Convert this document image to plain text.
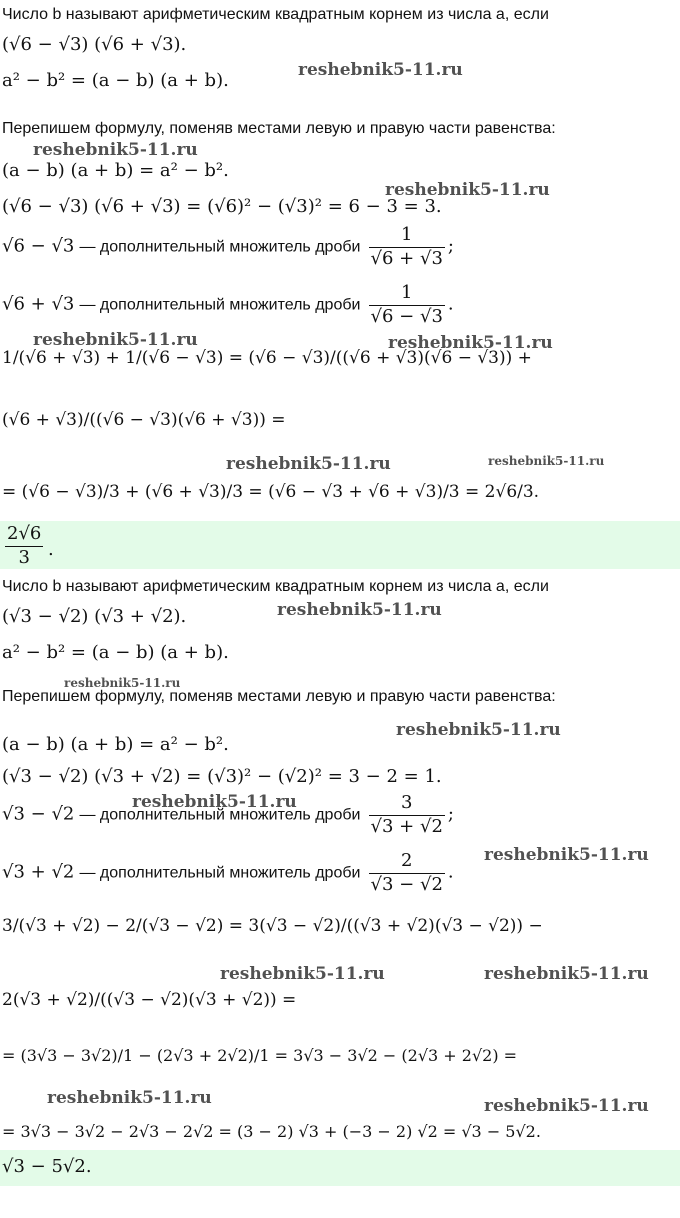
Число b называют арифметическим квадратным корнем из числа a, если
(√6 − √3) (√6 + √3).
a² − b² = (a − b) (a + b).	reshebnik5-11.ru
Перепишем формулу, поменяв местами левую и правую части равенства:
reshebnik5-11.ru
(a − b) (a + b) = a² − b².
(√6 − √3) (√6 + √3) = (√6)² − (√3)² = 6 − 3 = 3.
reshebnik5-11.ru
√6 − √3 — дополнительный множитель дроби $\frac{1}{√6 + √3}$ ;
√6 + √3 — дополнительный множитель дроби $\frac{1}{√6 - √3}$ .
1/(√6 + √3) + 1/(√6 − √3) = (√6 − √3)/((√6 + √3)(√6 − √3)) +
reshebnik5-11.ru	reshebnik5-11.ru
(√6 + √3)/((√6 − √3)(√6 + √3)) =
reshebnik5-11.ru	reshebnik5-11.ru
= (√6 − √3)/3 + (√6 + √3)/3 = (√6 − √3 + √6 + √3)/3 = 2√6/3.
$\frac{2√6}{3}$ .
Число b называют арифметическим квадратным корнем из числа a, если
(√3 − √2) (√3 + √2).	reshebnik5-11.ru
a² − b² = (a − b) (a + b).
reshebnik5-11.ru
Перепишем формулу, поменяв местами левую и правую части равенства:
reshebnik5-11.ru
(a − b) (a + b) = a² − b².
(√3 − √2) (√3 + √2) = (√3)² − (√2)² = 3 − 2 = 1.
reshebnik5-11.ru
√3 − √2 — дополнительный множитель дроби $\frac{3}{√3 + √2}$ ;
reshebnik5-11.ru
√3 + √2 — дополнительный множитель дроби $\frac{2}{√3 - √2}$ .
3/(√3 + √2) − 2/(√3 − √2) = 3(√3 − √2)/((√3 + √2)(√3 − √2)) −
reshebnik5-11.ru	reshebnik5-11.ru
2(√3 + √2)/((√3 − √2)(√3 + √2)) =
= (3√3 − 3√2)/1 − (2√3 + 2√2)/1 = 3√3 − 3√2 − (2√3 + 2√2) =
reshebnik5-11.ru	reshebnik5-11.ru
= 3√3 − 3√2 − 2√3 − 2√2 = (3 − 2) √3 + (−3 − 2) √2 = √3 − 5√2.
√3 − 5√2.
